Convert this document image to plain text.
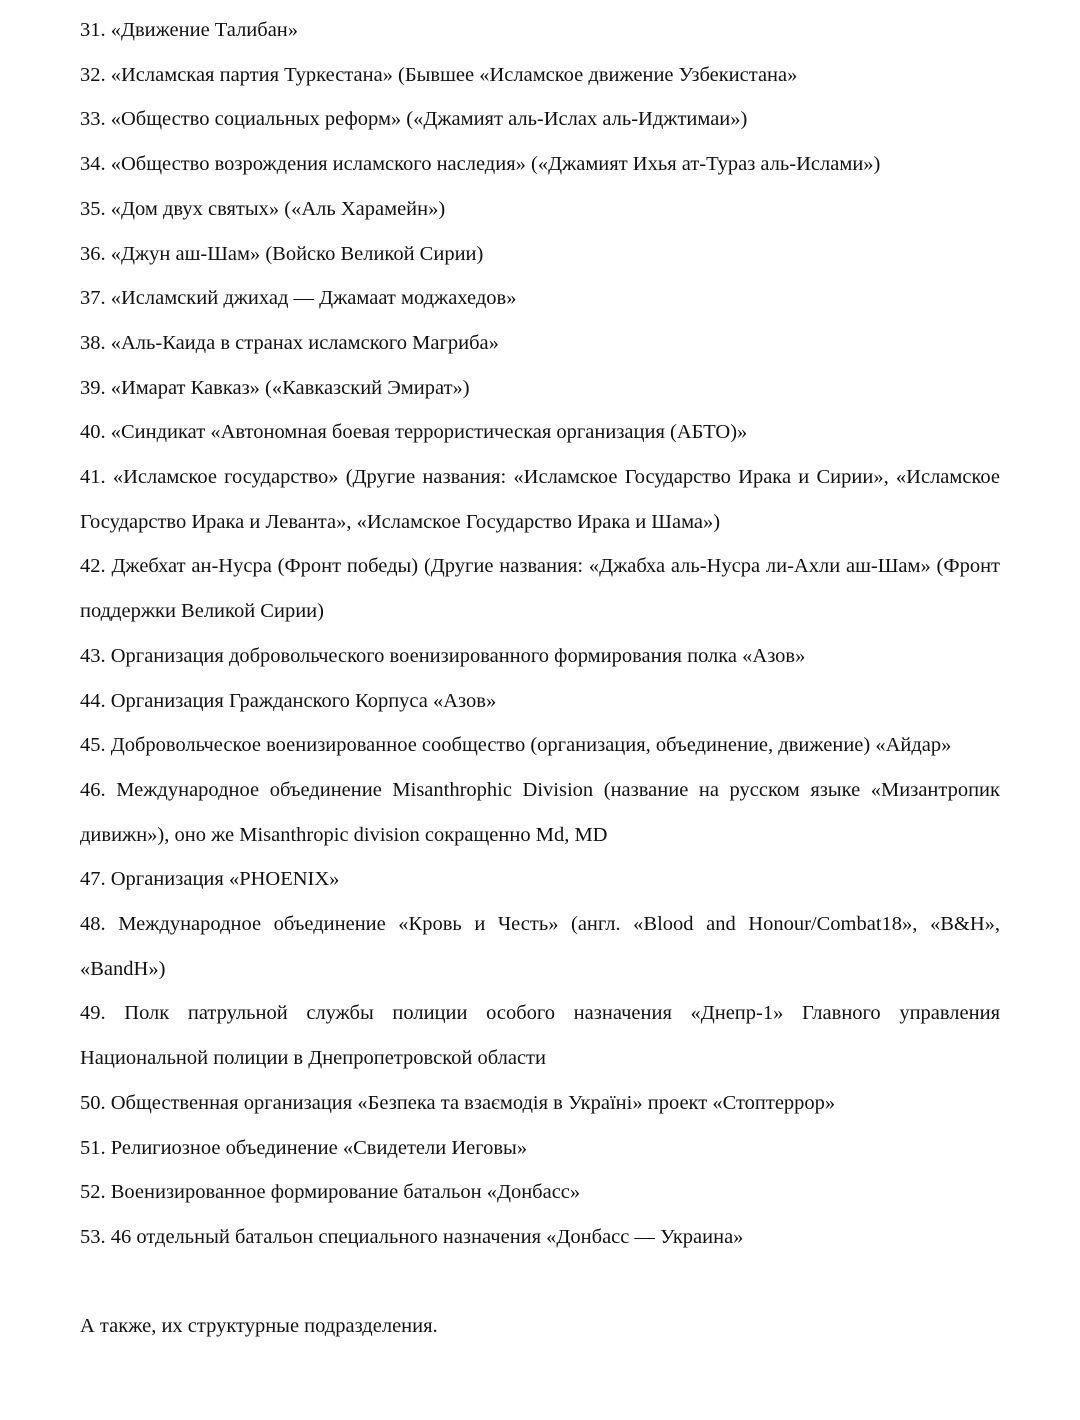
31. «Движение Талибан»

32. «Исламская партия Туркестана» (Бывшее «Исламское движение Узбекистана»

33. «Общество социальных реформ» («Джамият аль-Ислах аль-Иджтимаи»)

34. «Общество возрождения исламского наследия» («Джамият Ихья ат-Тураз аль-Ислами»)

35. «Дом двух святых» («Аль Харамейн»)

36. «Джун аш-Шам» (Войско Великой Сирии)

37. «Исламский джихад — Джамаат моджахедов»

38. «Аль-Каида в странах исламского Магриба»

39. «Имарат Кавказ» («Кавказский Эмират»)

40. «Синдикат «Автономная боевая террористическая организация (АБТО)»

41. «Исламское государство» (Другие названия: «Исламское Государство Ирака и Сирии», «Исламское Государство Ирака и Леванта», «Исламское Государство Ирака и Шама»)

42. Джебхат ан-Нусра (Фронт победы) (Другие названия: «Джабха аль-Нусра ли-Ахли аш-Шам» (Фронт поддержки Великой Сирии)

43. Организация добровольческого военизированного формирования полка «Азов»

44. Организация Гражданского Корпуса «Азов»

45. Добровольческое военизированное сообщество (организация, объединение, движение) «Айдар»

46. Международное объединение Misanthrophic Division (название на русском языке «Мизантропик дивижн»), оно же Misanthropic division сокращенно Md, MD

47. Организация «PHOENIX»

48. Международное объединение «Кровь и Честь» (англ. «Blood and Honour/Combat18», «B&H», «BandH»)

49. Полк патрульной службы полиции особого назначения «Днепр-1» Главного управления Национальной полиции в Днепропетровской области

50. Общественная организация «Безпека та взаємодія в Україні» проект «Стоптеррор»

51. Религиозное объединение «Свидетели Иеговы»

52. Военизированное формирование батальон «Донбасс»

53. 46 отдельный батальон специального назначения «Донбасс — Украина»

А также, их структурные подразделения.
